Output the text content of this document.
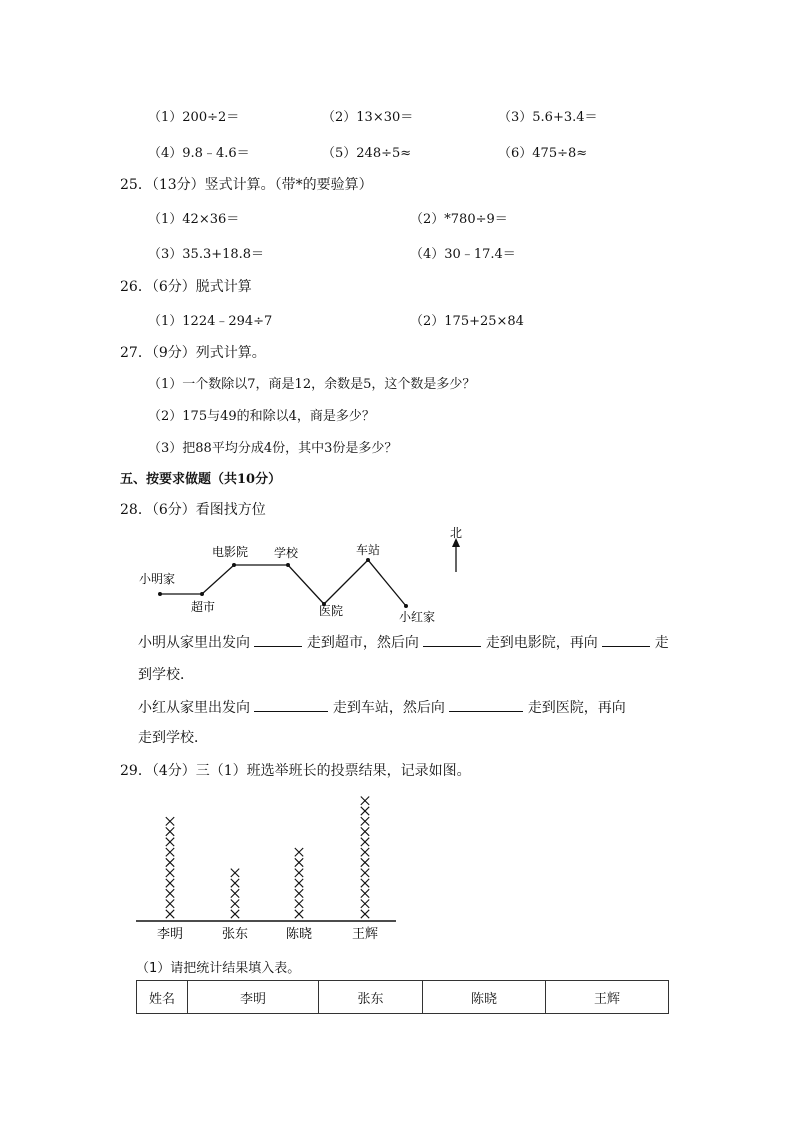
（1）200÷2＝	（2）13×30＝	（3）5.6+3.4＝
（4）9.8﹣4.6＝	（5）248÷5≈	（6）475÷8≈
25．（13分）竖式计算。（带*的要验算）
（1）42×36＝	（2）*780÷9＝
（3）35.3+18.8＝	（4）30﹣17.4＝
26．（6分）脱式计算
（1）1224﹣294÷7	（2）175+25×84
27．（9分）列式计算。
（1）一个数除以7，商是12，余数是5，这个数是多少？
（2）175与49的和除以4，商是多少？
（3）把88平均分成4份，其中3份是多少？
五、按要求做题（共10分）
28．（6分）看图找方位
小明家
超市
电影院 学校
医院
车站
小红家
北
小明从家里出发向	走到超市，然后向	走到电影院，再向	走
到学校．
小红从家里出发向	走到车站，然后向	走到医院，再向
走到学校．
29．（4分）三（1）班选举班长的投票结果，记录如图。
李明	张东	陈晓	王辉
（1）请把统计结果填入表。
姓名	李明	张东	陈晓	王辉
